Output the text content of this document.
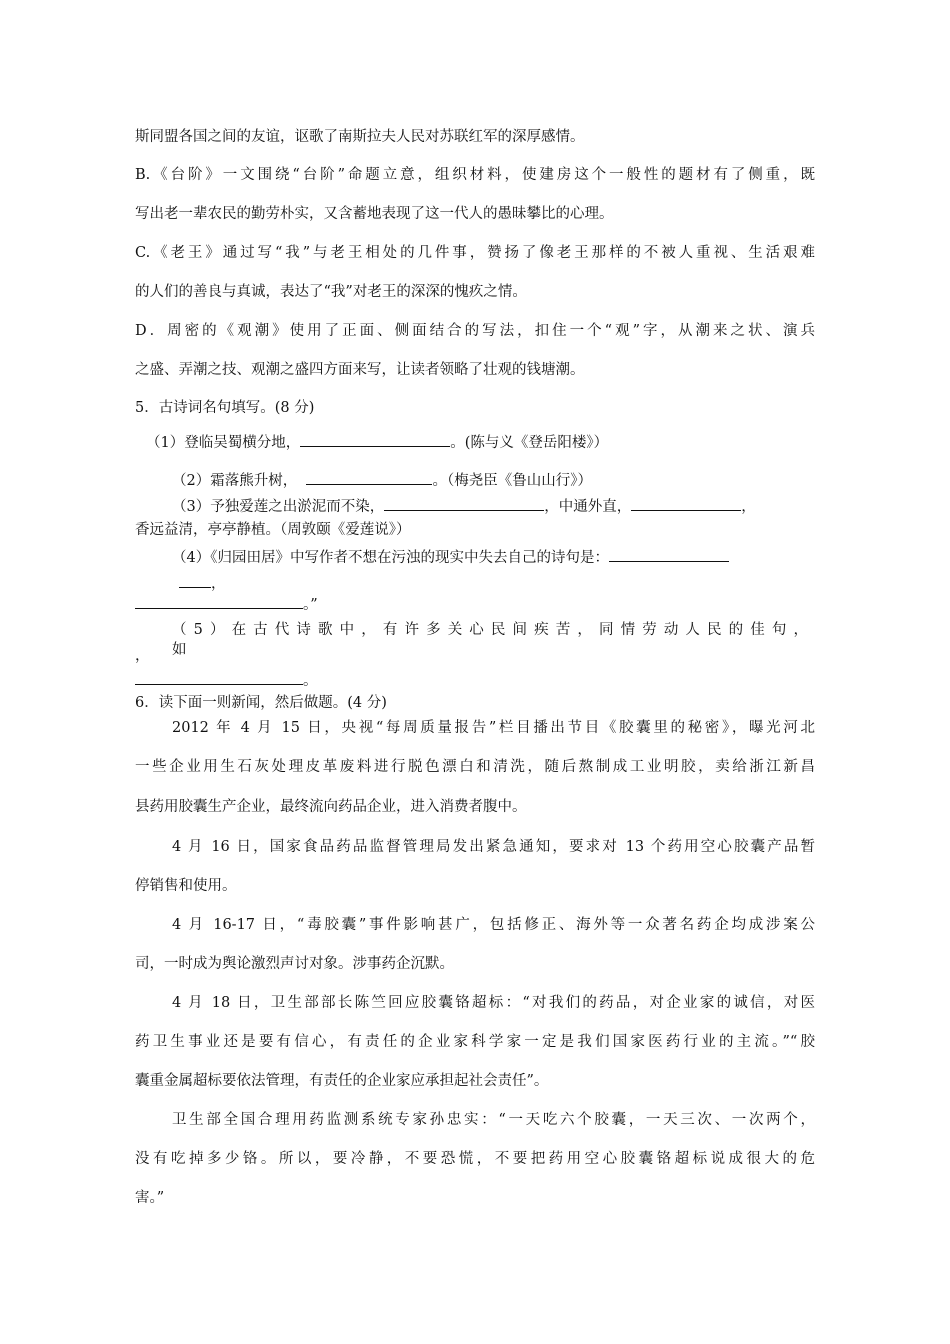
斯同盟各国之间的友谊，讴歌了南斯拉夫人民对苏联红军的深厚感情。
B.《台阶》一文围绕“台阶”命题立意，组织材料，使建房这个一般性的题材有了侧重，既
写出老一辈农民的勤劳朴实，又含蓄地表现了这一代人的愚昧攀比的心理。
C.《老王》通过写“我”与老王相处的几件事，赞扬了像老王那样的不被人重视、生活艰难
的人们的善良与真诚，表达了“我”对老王的深深的愧疚之情。
D．周密的《观潮》使用了正面、侧面结合的写法，扣住一个“观”字，从潮来之状、演兵
之盛、弄潮之技、观潮之盛四方面来写，让读者领略了壮观的钱塘潮。
5．古诗词名句填写。(8 分)
（1）登临吴蜀横分地，	。(陈与义《登岳阳楼》）
（2）霜落熊升树，	。（梅尧臣《鲁山山行》）
（3）予独爱莲之出淤泥而不染，	，中通外直，	，
香远益清，亭亭静植。（周敦颐《爱莲说》）
（4）《归园田居》中写作者不想在污浊的现实中失去自己的诗句是：
，
。”
（5）在古代诗歌中，有许多关心民间疾苦，同情劳动人民的佳句，如
，
。
6．读下面一则新闻，然后做题。(4 分)
2012 年 4 月 15 日，央视“每周质量报告”栏目播出节目《胶囊里的秘密》，曝光河北
一些企业用生石灰处理皮革废料进行脱色漂白和清洗，随后熬制成工业明胶，卖给浙江新昌
县药用胶囊生产企业，最终流向药品企业，进入消费者腹中。
4 月 16 日，国家食品药品监督管理局发出紧急通知，要求对 13 个药用空心胶囊产品暂
停销售和使用。
4 月 16-17 日，“毒胶囊”事件影响甚广，包括修正、海外等一众著名药企均成涉案公
司，一时成为舆论激烈声讨对象。涉事药企沉默。
4 月 18 日，卫生部部长陈竺回应胶囊铬超标：“对我们的药品，对企业家的诚信，对医
药卫生事业还是要有信心，有责任的企业家科学家一定是我们国家医药行业的主流。”“胶
囊重金属超标要依法管理，有责任的企业家应承担起社会责任”。
卫生部全国合理用药监测系统专家孙忠实：“一天吃六个胶囊，一天三次、一次两个，
没有吃掉多少铬。所以，要冷静，不要恐慌，不要把药用空心胶囊铬超标说成很大的危
害。”
